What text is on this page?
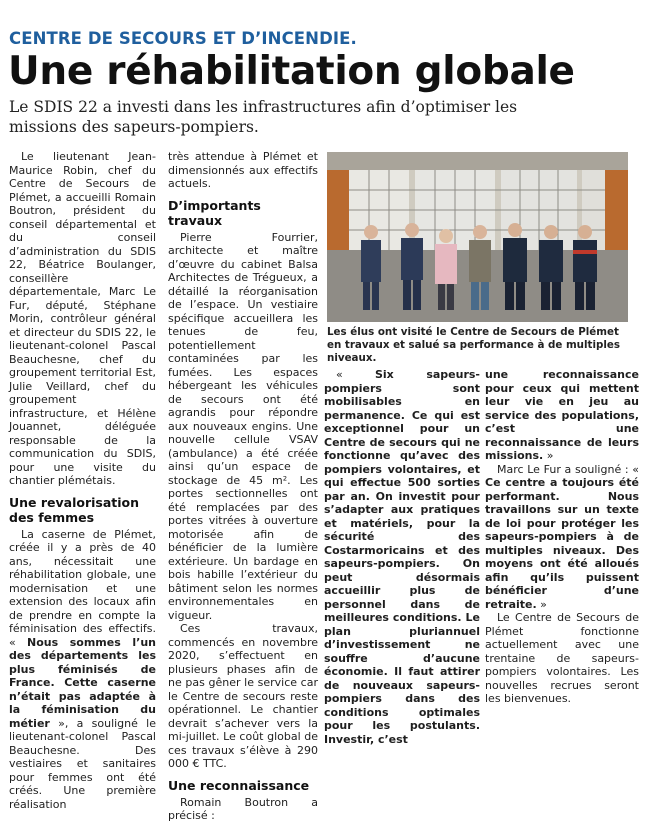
CENTRE DE SECOURS ET D’INCENDIE.
Une réhabilitation globale
Le SDIS 22 a investi dans les infrastructures afin d’optimiser les missions des sapeurs-pompiers.

Le lieutenant Jean-Maurice Robin, chef du Centre de Secours de Plémet, a accueilli Romain Boutron, président du conseil départemental et du conseil d’administration du SDIS 22, Béatrice Boulanger, conseillère départementale, Marc Le Fur, député, Stéphane Morin, contrôleur général et directeur du SDIS 22, le lieutenant-colonel Pascal Beauchesne, chef du groupement territorial Est, Julie Veillard, chef du groupement infrastructure, et Hélène Jouannet, déléguée responsable de la communication du SDIS, pour une visite du chantier plémétais.

Une revalorisation des femmes

La caserne de Plémet, créée il y a près de 40 ans, nécessitait une réhabilitation globale, une modernisation et une extension des locaux afin de prendre en compte la féminisation des effectifs. « Nous sommes l’un des départements les plus féminisés de France. Cette caserne n’était pas adaptée à la féminisation du métier », a souligné le lieutenant-colonel Pascal Beauchesne. Des vestiaires et sanitaires pour femmes ont été créés. Une première réalisation

très attendue à Plémet et dimensionnés aux effectifs actuels.

D’importants travaux

Pierre Fourrier, architecte et maître d’œuvre du cabinet Balsa Architectes de Trégueux, a détaillé la réorganisation de l’espace. Un vestiaire spécifique accueillera les tenues de feu, potentiellement contaminées par les fumées. Les espaces hébergeant les véhicules de secours ont été agrandis pour répondre aux nouveaux engins. Une nouvelle cellule VSAV (ambulance) a été créée ainsi qu’un espace de stockage de 45 m². Les portes sectionnelles ont été remplacées par des portes vitrées à ouverture motorisée afin de bénéficier de la lumière extérieure. Un bardage en bois habille l’extérieur du bâtiment selon les normes environnementales en vigueur.

Ces travaux, commencés en novembre 2020, s’effectuent en plusieurs phases afin de ne pas gêner le service car le Centre de secours reste opérationnel. Le chantier devrait s’achever vers la mi-juillet. Le coût global de ces travaux s’élève à 290 000 € TTC.

Une reconnaissance

Romain Boutron a précisé :

Les élus ont visité le Centre de Secours de Plémet en travaux et salué sa performance à de multiples niveaux.

« Six sapeurs-pompiers sont mobilisables en permanence. Ce qui est exceptionnel pour un Centre de secours qui ne fonctionne qu’avec des pompiers volontaires, et qui effectue 500 sorties par an. On investit pour s’adapter aux pratiques et matériels, pour la sécurité des Costarmoricains et des sapeurs-pompiers. On peut désormais accueillir plus de personnel dans de meilleures conditions. Le plan pluriannuel d’investissement ne souffre d’aucune économie. Il faut attirer de nouveaux sapeurs-pompiers dans des conditions optimales pour les postulants. Investir, c’est

une reconnaissance pour ceux qui mettent leur vie en jeu au service des populations, c’est une reconnaissance de leurs missions. »

Marc Le Fur a souligné : « Ce centre a toujours été performant. Nous travaillons sur un texte de loi pour protéger les sapeurs-pompiers à de multiples niveaux. Des moyens ont été alloués afin qu’ils puissent bénéficier d’une retraite. »

Le Centre de Secours de Plémet fonctionne actuellement avec une trentaine de sapeurs-pompiers volontaires. Les nouvelles recrues seront les bienvenues.
